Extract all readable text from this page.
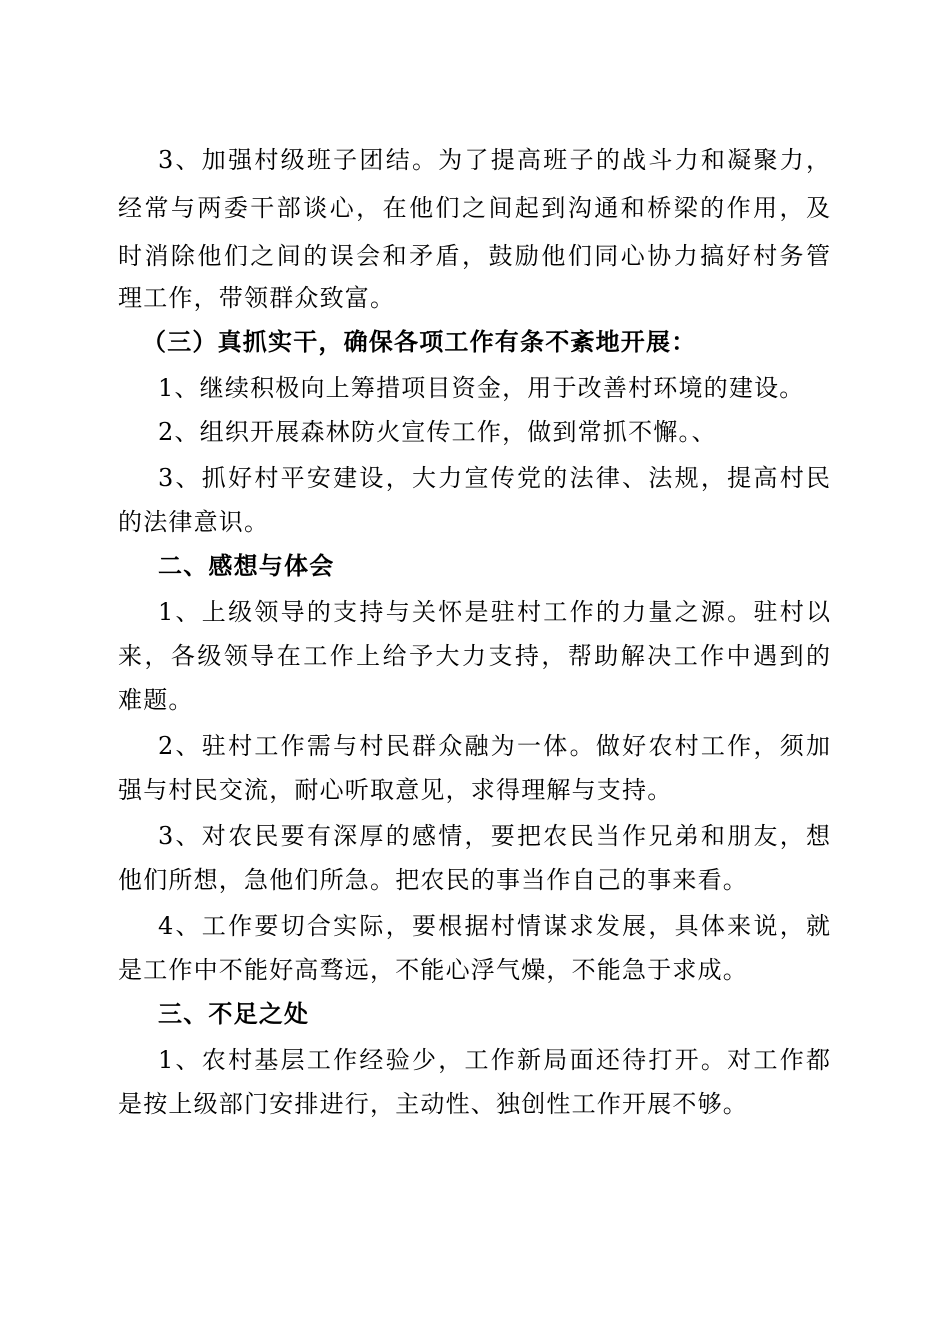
3、加强村级班子团结。为了提高班子的战斗力和凝聚力，
经常与两委干部谈心，在他们之间起到沟通和桥梁的作用，及
时消除他们之间的误会和矛盾，鼓励他们同心协力搞好村务管
理工作，带领群众致富。
（三）真抓实干，确保各项工作有条不紊地开展：
1、继续积极向上筹措项目资金，用于改善村环境的建设。
2、组织开展森林防火宣传工作，做到常抓不懈。、
3、抓好村平安建设，大力宣传党的法律、法规，提高村民
的法律意识。
二、感想与体会
1、上级领导的支持与关怀是驻村工作的力量之源。驻村以
来，各级领导在工作上给予大力支持，帮助解决工作中遇到的
难题。
2、驻村工作需与村民群众融为一体。做好农村工作，须加
强与村民交流，耐心听取意见，求得理解与支持。
3、对农民要有深厚的感情，要把农民当作兄弟和朋友，想
他们所想，急他们所急。把农民的事当作自己的事来看。
4、工作要切合实际，要根据村情谋求发展，具体来说，就
是工作中不能好高骛远，不能心浮气燥，不能急于求成。
三、不足之处
1、农村基层工作经验少，工作新局面还待打开。对工作都
是按上级部门安排进行，主动性、独创性工作开展不够。
